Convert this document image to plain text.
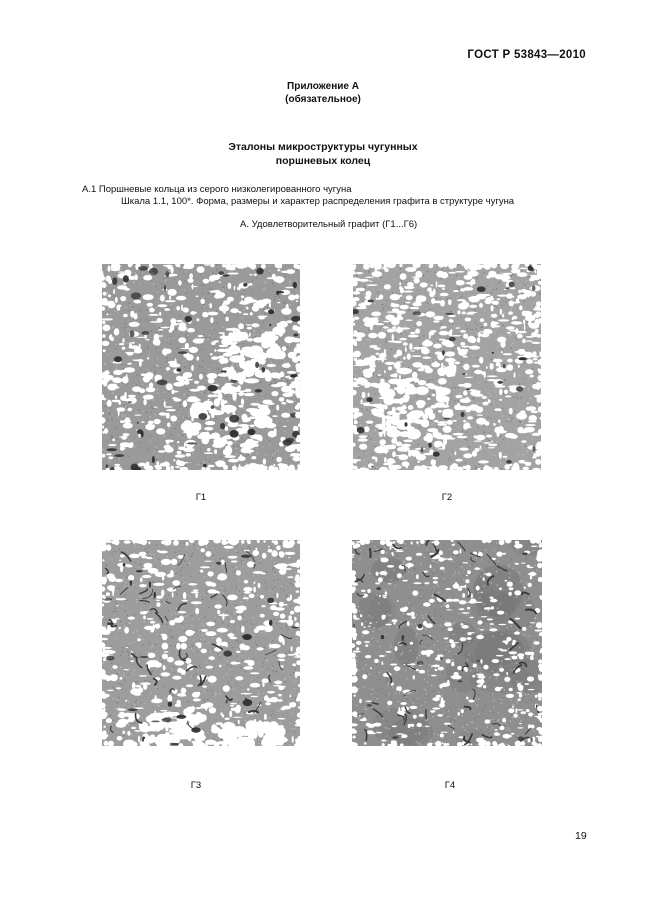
ГОСТ Р 53843—2010
Приложение А
(обязательное)
Эталоны микроструктуры чугунных
поршневых колец
А.1 Поршневые кольца из серого низколегированного чугуна
Шкала 1.1, 100*. Форма, размеры и характер распределения графита в структуре чугуна
А. Удовлетворительный графит (Г1...Г6)
Г1	Г2
Г3	Г4
19
